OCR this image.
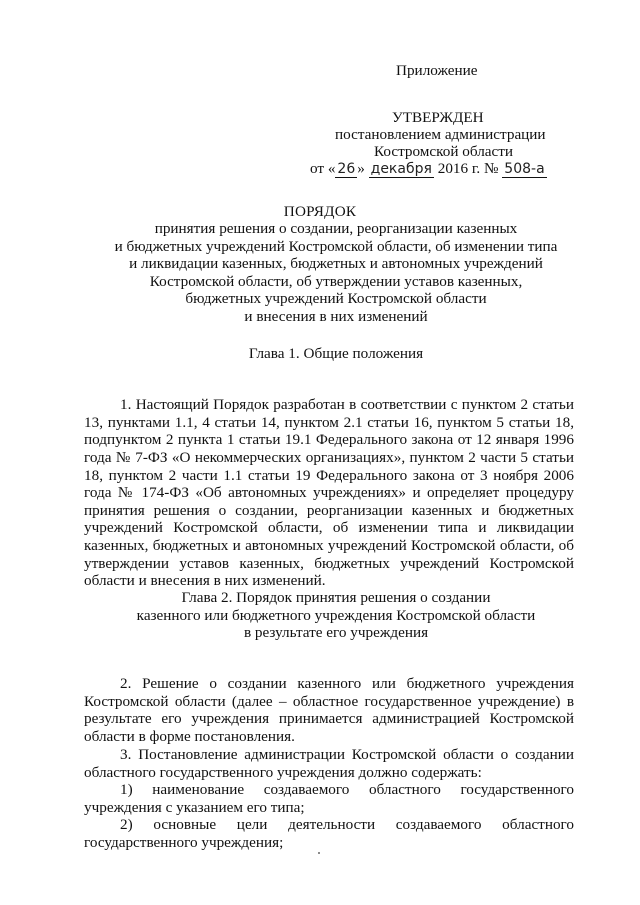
Приложение
УТВЕРЖДЕН
постановлением администрации
Костромской области
от « 26 » декабря 2016 г. № 508-а
ПОРЯДОК
принятия решения о создании, реорганизации казенных
и бюджетных учреждений Костромской области, об изменении типа
и ликвидации казенных, бюджетных и автономных учреждений
Костромской области, об утверждении уставов казенных,
бюджетных учреждений Костромской области
и внесения в них изменений
Глава 1. Общие положения

1. Настоящий Порядок разработан в соответствии с пунктом 2 статьи 13, пунктами 1.1, 4 статьи 14, пунктом 2.1 статьи 16, пунктом 5 статьи 18, подпунктом 2 пункта 1 статьи 19.1 Федерального закона от 12 января 1996 года № 7-ФЗ «О некоммерческих организациях», пунктом 2 части 5 статьи 18, пунктом 2 части 1.1 статьи 19 Федерального закона от 3 ноября 2006 года № 174-ФЗ «Об автономных учреждениях» и определяет процедуру принятия решения о создании, реорганизации казенных и бюджетных учреждений Костромской области, об изменении типа и ликвидации казенных, бюджетных и автономных учреждений Костромской области, об утверждении уставов казенных, бюджетных учреждений Костромской области и внесения в них изменений.

Глава 2. Порядок принятия решения о создании
казенного или бюджетного учреждения Костромской области
в результате его учреждения

2. Решение о создании казенного или бюджетного учреждения Костромской области (далее – областное государственное учреждение) в результате его учреждения принимается администрацией Костромской области в форме постановления.

3. Постановление администрации Костромской области о создании областного государственного учреждения должно содержать:

1) наименование создаваемого областного государственного учреждения с указанием его типа;

2) основные цели деятельности создаваемого областного государственного учреждения;
